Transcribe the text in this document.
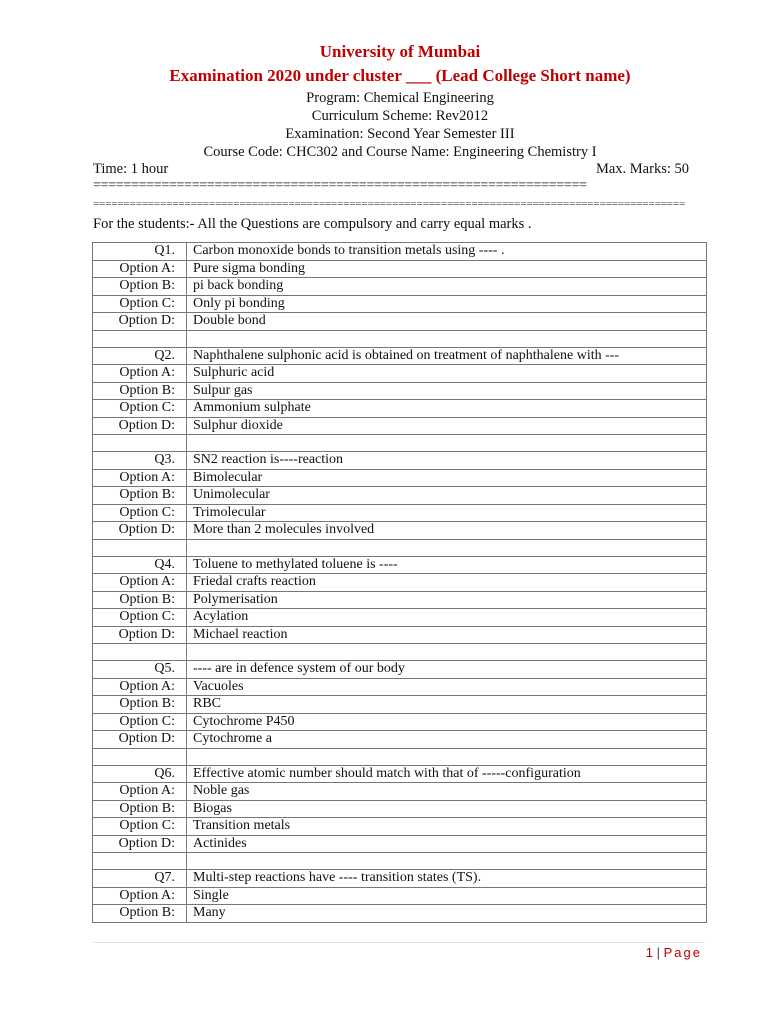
University of Mumbai
Examination 2020 under cluster ___ (Lead College Short name)
Program: Chemical Engineering
Curriculum Scheme: Rev2012
Examination: Second Year Semester III
Course Code: CHC302 and Course Name: Engineering Chemistry I
Time: 1 hour	Max. Marks: 50
=================================================================
=================================================================================================
For the students:- All the Questions are compulsory and carry equal marks .
Q1.	Carbon monoxide bonds to transition metals using ---- .
Option A:	Pure sigma bonding
Option B:	pi back bonding
Option C:	Only pi bonding
Option D:	Double bond

Q2.	Naphthalene sulphonic acid is obtained on treatment of naphthalene with ---
Option A:	Sulphuric acid
Option B:	Sulpur gas
Option C:	Ammonium sulphate
Option D:	Sulphur dioxide

Q3.	SN2 reaction is----reaction
Option A:	Bimolecular
Option B:	Unimolecular
Option C:	Trimolecular
Option D:	More than 2 molecules involved

Q4.	Toluene to methylated toluene is ----
Option A:	Friedal crafts reaction
Option B:	Polymerisation
Option C:	Acylation
Option D:	Michael reaction

Q5.	---- are in defence system of our body
Option A:	Vacuoles
Option B:	RBC
Option C:	Cytochrome P450
Option D:	Cytochrome a

Q6.	Effective atomic number should match with that of -----configuration
Option A:	Noble gas
Option B:	Biogas
Option C:	Transition metals
Option D:	Actinides

Q7.	Multi-step reactions have ---- transition states (TS).
Option A:	Single
Option B:	Many
1 | Page
